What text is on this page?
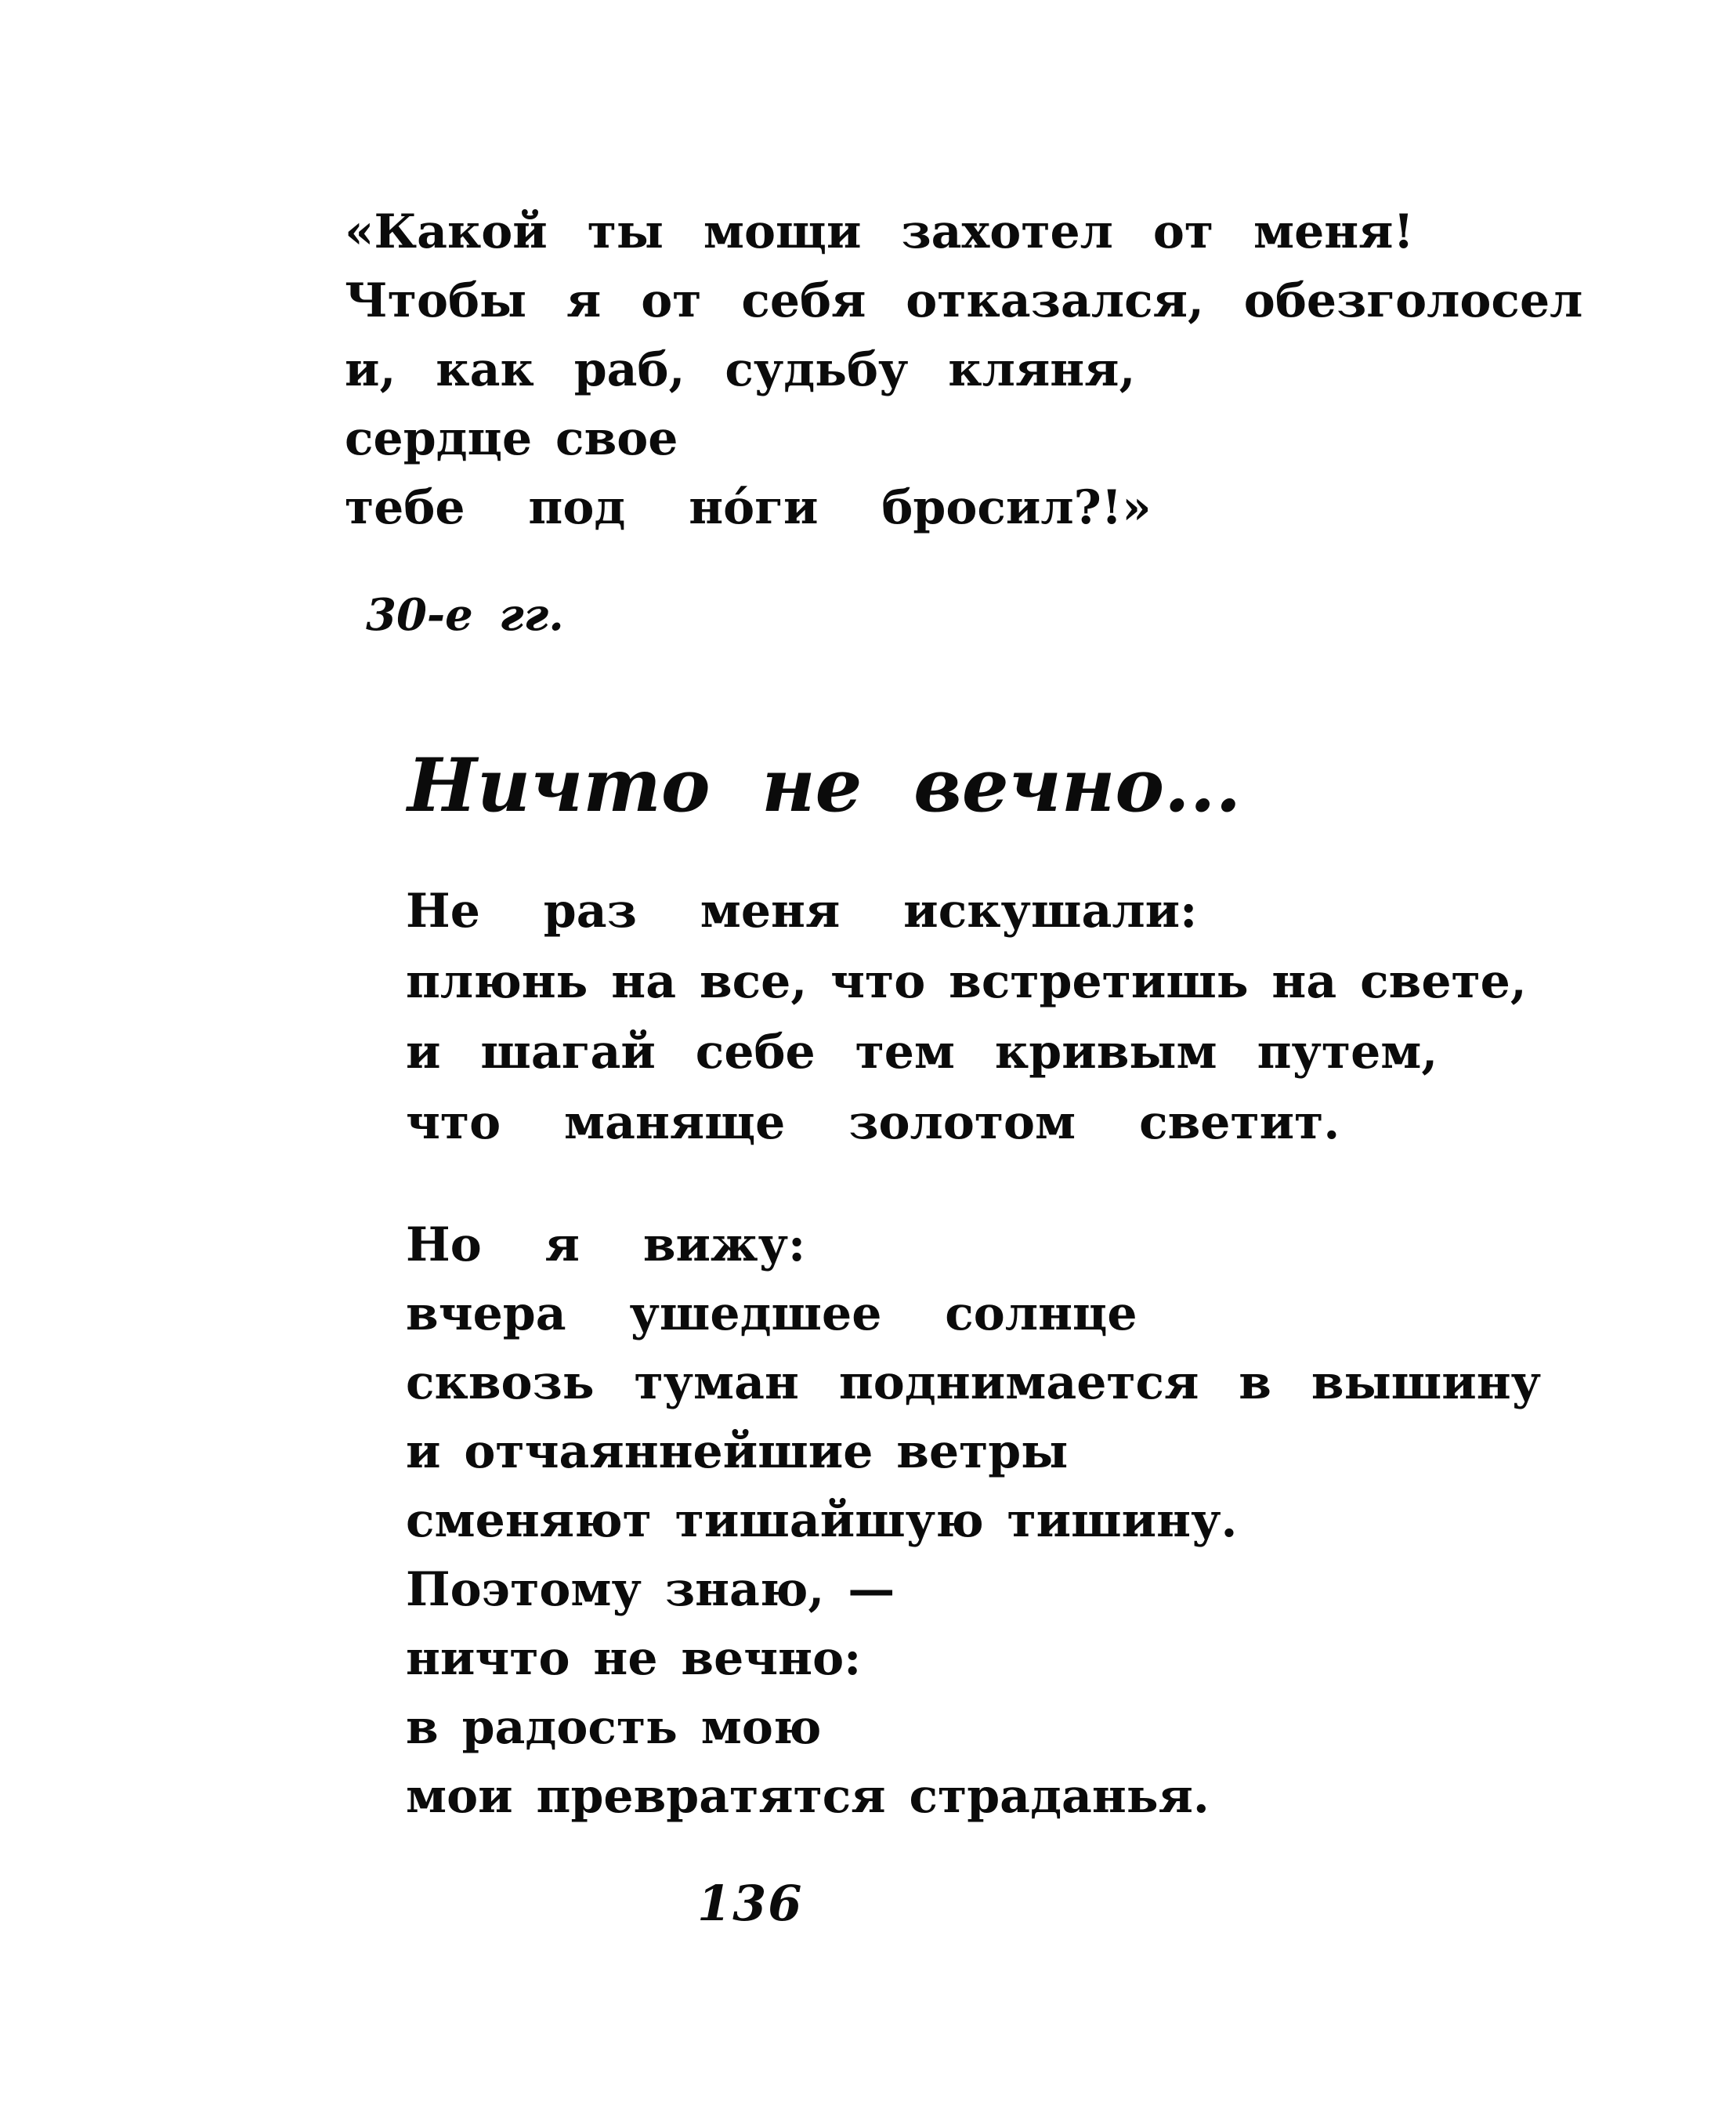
«Какой ты мощи захотел от меня!
Чтобы я от себя отказался, обезголосел
и, как раб, судьбу кляня,
сердце свое
тебе под нóги бросил?!»
30-е гг.
Ничто не вечно...
Не раз меня искушали:
плюнь на все, что встретишь на свете,
и шагай себе тем кривым путем,
что маняще золотом светит.
Но я вижу:
вчера ушедшее солнце
сквозь туман поднимается в вышину
и отчаяннейшие ветры
сменяют тишайшую тишину.
Поэтому знаю, —
ничто не вечно:
в радость мою
мои превратятся страданья.
136
